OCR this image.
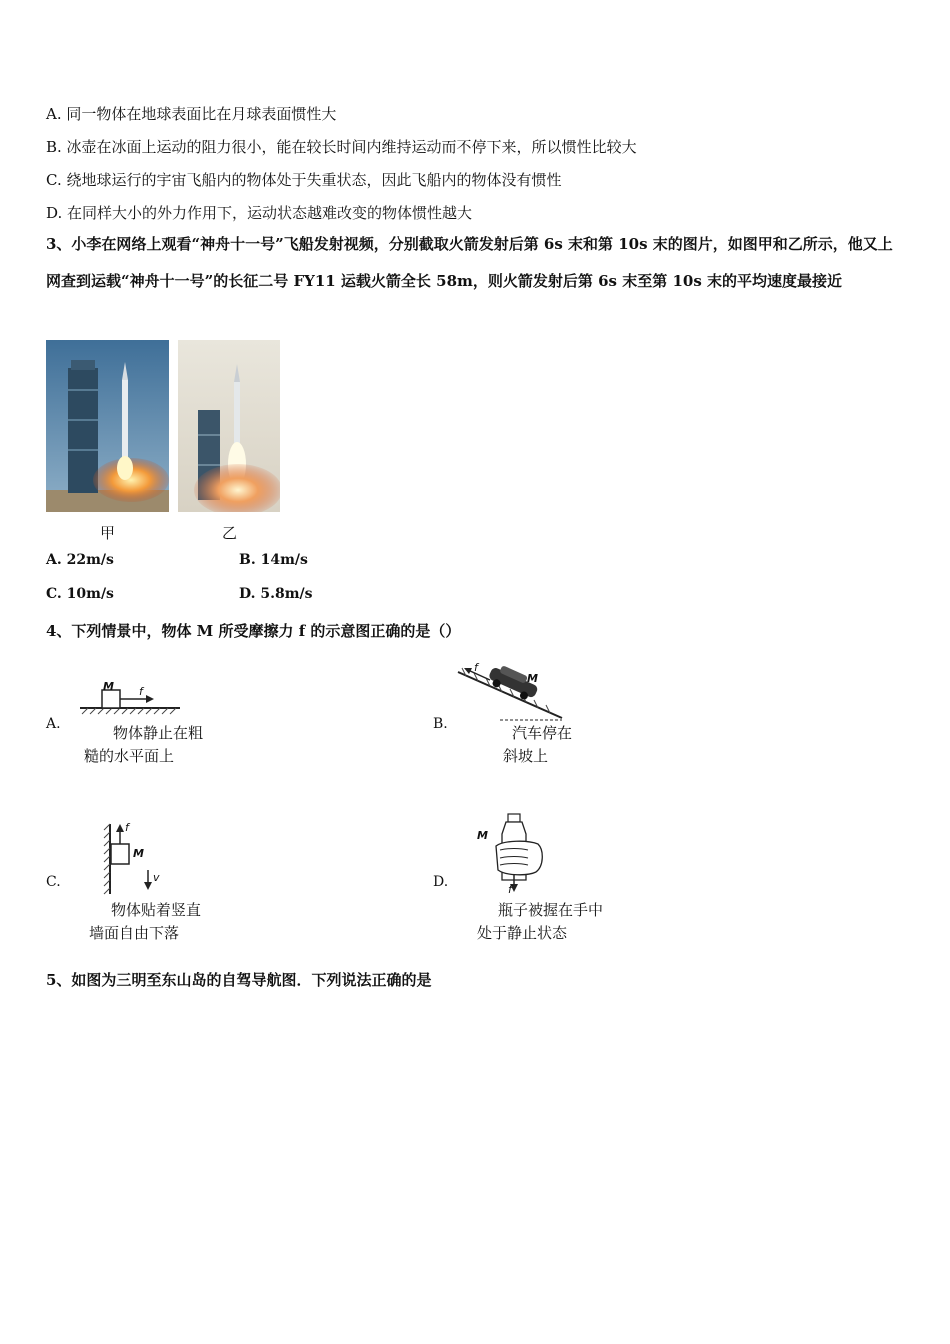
A. 同一物体在地球表面比在月球表面惯性大
B. 冰壶在冰面上运动的阻力很小，能在较长时间内维持运动而不停下来，所以惯性比较大
C. 绕地球运行的宇宙飞船内的物体处于失重状态，因此飞船内的物体没有惯性
D. 在同样大小的外力作用下，运动状态越难改变的物体惯性越大
3、小李在网络上观看“神舟十一号”飞船发射视频，分别截取火箭发射后第 6s 末和第 10s 末的图片，如图甲和乙所示，他又上网查到运载“神舟十一号”的长征二号 FY11 运载火箭全长 58m，则火箭发射后第 6s 末至第 10s 末的平均速度最接近
甲	乙
A. 22m/s	B. 14m/s
C. 10m/s	D. 5.8m/s
4、下列情景中，物体 M 所受摩擦力 f 的示意图正确的是（）
A.
M f
物体静止在粗
糙的水平面上
B.
f
M
汽车停在
斜坡上
C.
f
M
v
物体贴着竖直
墙面自由下落
D.
M
f
瓶子被握在手中
处于静止状态
5、如图为三明至东山岛的自驾导航图．下列说法正确的是
